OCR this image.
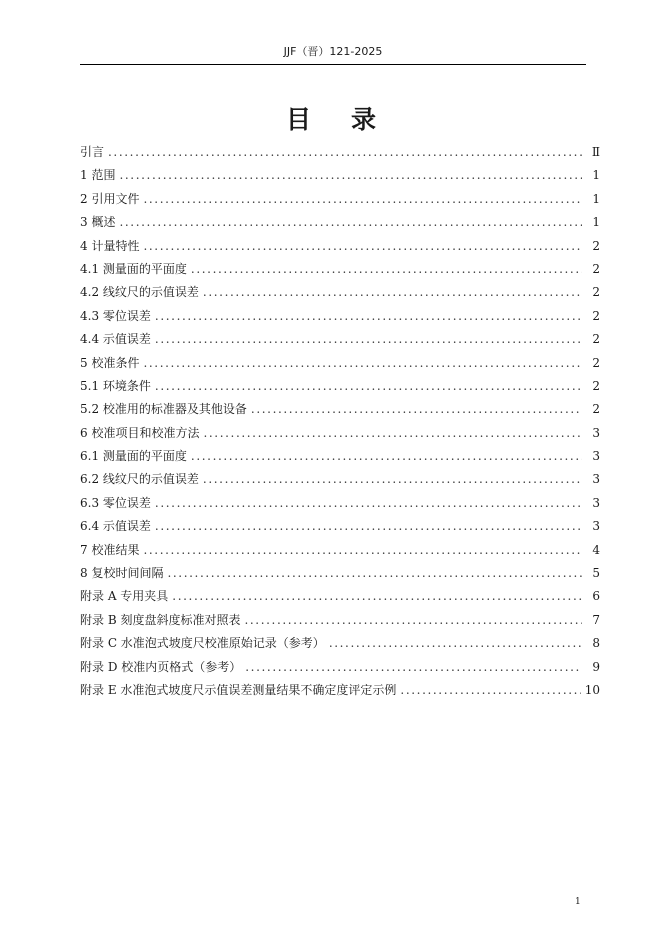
JJF（晋）121-2025
目录
引言 .....	Ⅱ
1 范围 .....	1
2 引用文件 .....	1
3 概述 .....	1
4 计量特性 .....	2
4.1 测量面的平面度 .....	2
4.2 线纹尺的示值误差 .....	2
4.3 零位误差 .....	2
4.4 示值误差 .....	2
5 校准条件 .....	2
5.1 环境条件 .....	2
5.2 校准用的标准器及其他设备 .....	2
6 校准项目和校准方法 .....	3
6.1 测量面的平面度 .....	3
6.2 线纹尺的示值误差 .....	3
6.3 零位误差 .....	3
6.4 示值误差 .....	3
7 校准结果 .....	4
8 复校时间间隔 .....	5
附录 A 专用夹具 .....	6
附录 B 刻度盘斜度标准对照表 .....	7
附录 C 水准泡式坡度尺校准原始记录（参考） .....	8
附录 D 校准内页格式（参考） .....	9
附录 E 水准泡式坡度尺示值误差测量结果不确定度评定示例 .....	10
1
